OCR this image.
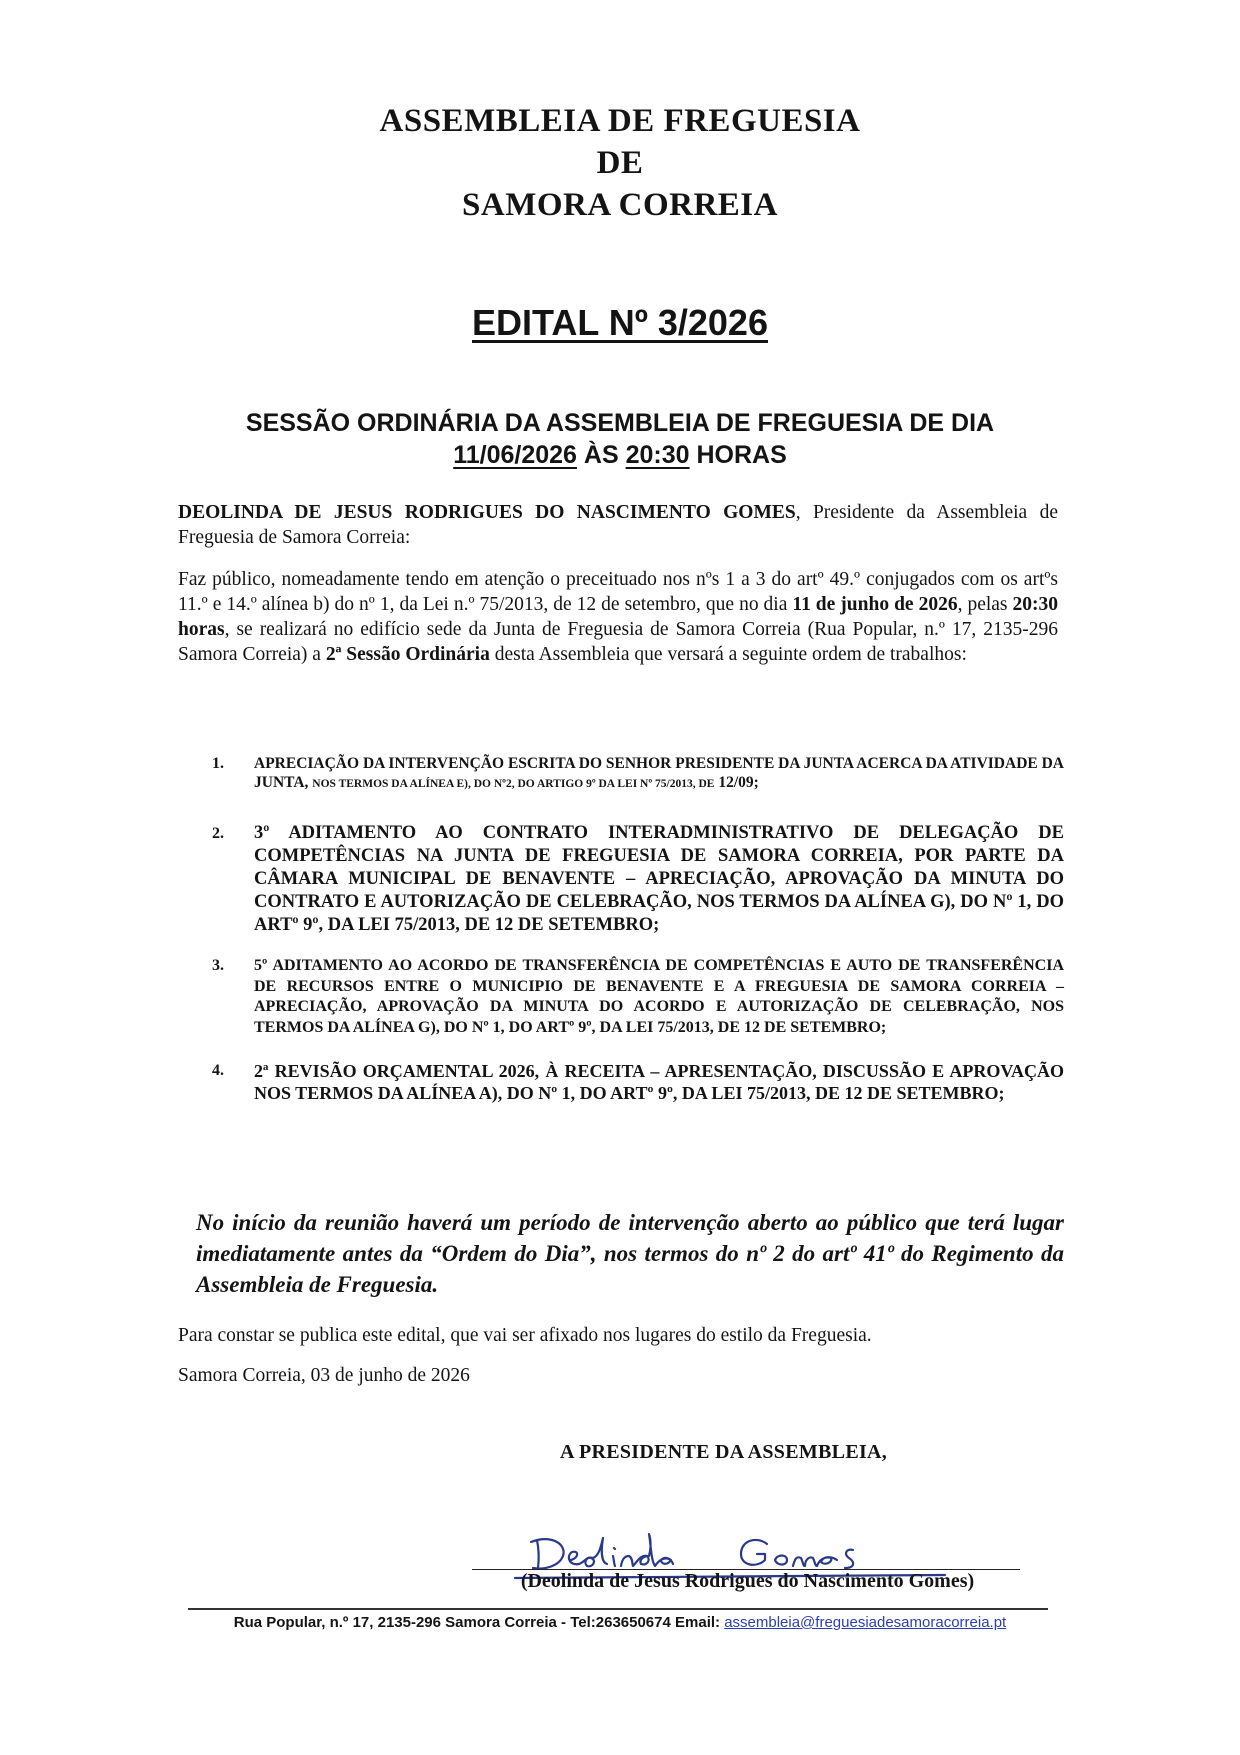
ASSEMBLEIA DE FREGUESIA
DE
SAMORA CORREIA
EDITAL Nº 3/2026
SESSÃO ORDINÁRIA DA ASSEMBLEIA DE FREGUESIA DE DIA
11/06/2026 ÀS 20:30 HORAS
DEOLINDA DE JESUS RODRIGUES DO NASCIMENTO GOMES, Presidente da Assembleia de Freguesia de Samora Correia:
Faz público, nomeadamente tendo em atenção o preceituado nos nºs 1 a 3 do artº 49.º conjugados com os artºs 11.º e 14.º alínea b) do nº 1, da Lei n.º 75/2013, de 12 de setembro, que no dia 11 de junho de 2026, pelas 20:30 horas, se realizará no edifício sede da Junta de Freguesia de Samora Correia (Rua Popular, n.º 17, 2135-296 Samora Correia) a 2ª Sessão Ordinária desta Assembleia que versará a seguinte ordem de trabalhos:
1. APRECIAÇÃO DA INTERVENÇÃO ESCRITA DO SENHOR PRESIDENTE DA JUNTA ACERCA DA ATIVIDADE DA JUNTA, NOS TERMOS DA ALÍNEA E), DO Nº2, DO ARTIGO 9º DA LEI Nº 75/2013, DE 12/09;
2. 3º ADITAMENTO AO CONTRATO INTERADMINISTRATIVO DE DELEGAÇÃO DE COMPETÊNCIAS NA JUNTA DE FREGUESIA DE SAMORA CORREIA, POR PARTE DA CÂMARA MUNICIPAL DE BENAVENTE – APRECIAÇÃO, APROVAÇÃO DA MINUTA DO CONTRATO E AUTORIZAÇÃO DE CELEBRAÇÃO, NOS TERMOS DA ALÍNEA G), DO Nº 1, DO ARTº 9º, DA LEI 75/2013, DE 12 DE SETEMBRO;
3. 5º ADITAMENTO AO ACORDO DE TRANSFERÊNCIA DE COMPETÊNCIAS E AUTO DE TRANSFERÊNCIA DE RECURSOS ENTRE O MUNICIPIO DE BENAVENTE E A FREGUESIA DE SAMORA CORREIA – APRECIAÇÃO, APROVAÇÃO DA MINUTA DO ACORDO E AUTORIZAÇÃO DE CELEBRAÇÃO, NOS TERMOS DA ALÍNEA G), DO Nº 1, DO ARTº 9º, DA LEI 75/2013, DE 12 DE SETEMBRO;
4. 2ª REVISÃO ORÇAMENTAL 2026, À RECEITA – APRESENTAÇÃO, DISCUSSÃO E APROVAÇÃO NOS TERMOS DA ALÍNEA A), DO Nº 1, DO ARTº 9º, DA LEI 75/2013, DE 12 DE SETEMBRO;
No início da reunião haverá um período de intervenção aberto ao público que terá lugar imediatamente antes da “Ordem do Dia”, nos termos do nº 2 do artº 41º do Regimento da Assembleia de Freguesia.
Para constar se publica este edital, que vai ser afixado nos lugares do estilo da Freguesia.
Samora Correia, 03 de junho de 2026
A PRESIDENTE DA ASSEMBLEIA,
(Deolinda de Jesus Rodrigues do Nascimento Gomes)
Rua Popular, n.º 17, 2135-296 Samora Correia - Tel:263650674 Email: assembleia@freguesiadesamoracorreia.pt
